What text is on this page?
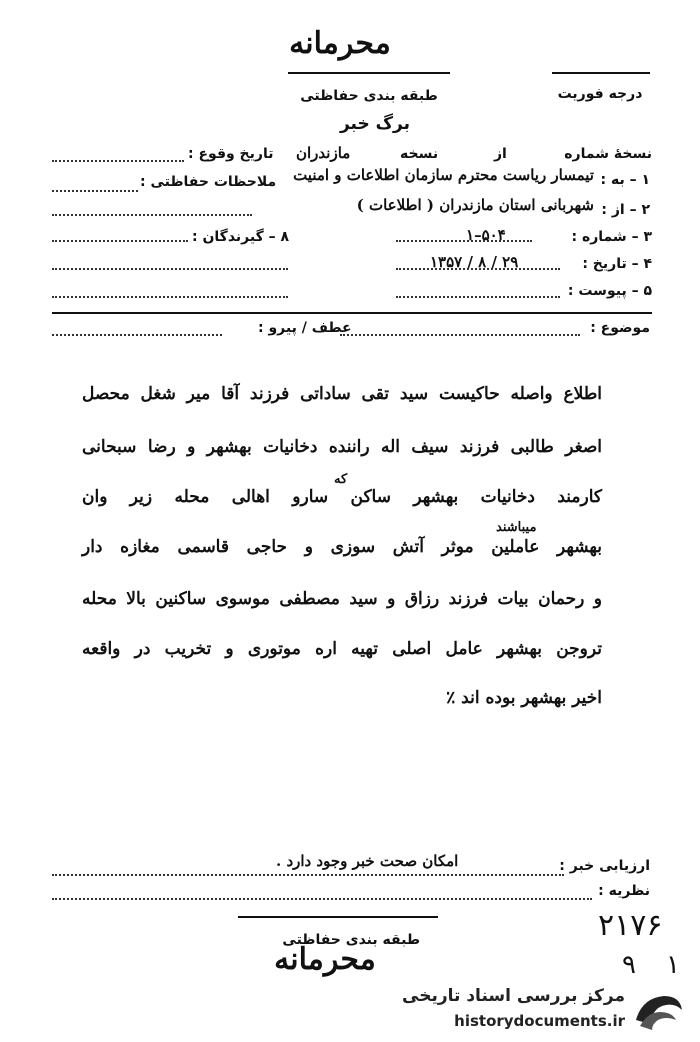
محرمانه
طبقه بندی حفاظتی	درجه فوریت
برگ خبر
نسخهٔ شماره
از
نسخه
مازندران
تاریخ وقوع :
۱ – به :
تیمسار ریاست محترم سازمان اطلاعات و امنیت
ملاحظات حفاظتی :
۲ – از :
شهربانی استان مازندران ( اطلاعات )
۳ – شماره :
۵۰۴–۱
۸ – گیرندگان :
۴ – تاریخ :
۲۹ / ۸ / ۱۳۵۷
۵ – پیوست :
موضوع :
عطف / پیرو :
اطلاع واصله حاکیست سید تقی ساداتی فرزند آقا میر شغل محصل
اصغر طالبی فرزند سیف اله راننده دخانیات بهشهر و رضا سبحانی
که
کارمند دخانیات بهشهر ساکن سارو اهالی محله زیر وان
میباشند
بهشهر عاملین موثر آتش سوزی و حاجی قاسمی مغازه دار
و رحمان بیات فرزند رزاق و سید مصطفی موسوی ساکنین بالا محله
تروجن بهشهر عامل اصلی تهیه اره موتوری و تخریب در واقعه
اخیر بهشهر بوده اند ٪
ارزیابی خبر :
امکان صحت خبر وجود دارد .
نظریه :
طبقه بندی حفاظتی
محرمانه
۲۱۷۶
۹ ۱
مرکز بررسی اسناد تاریخی
historydocuments.ir
